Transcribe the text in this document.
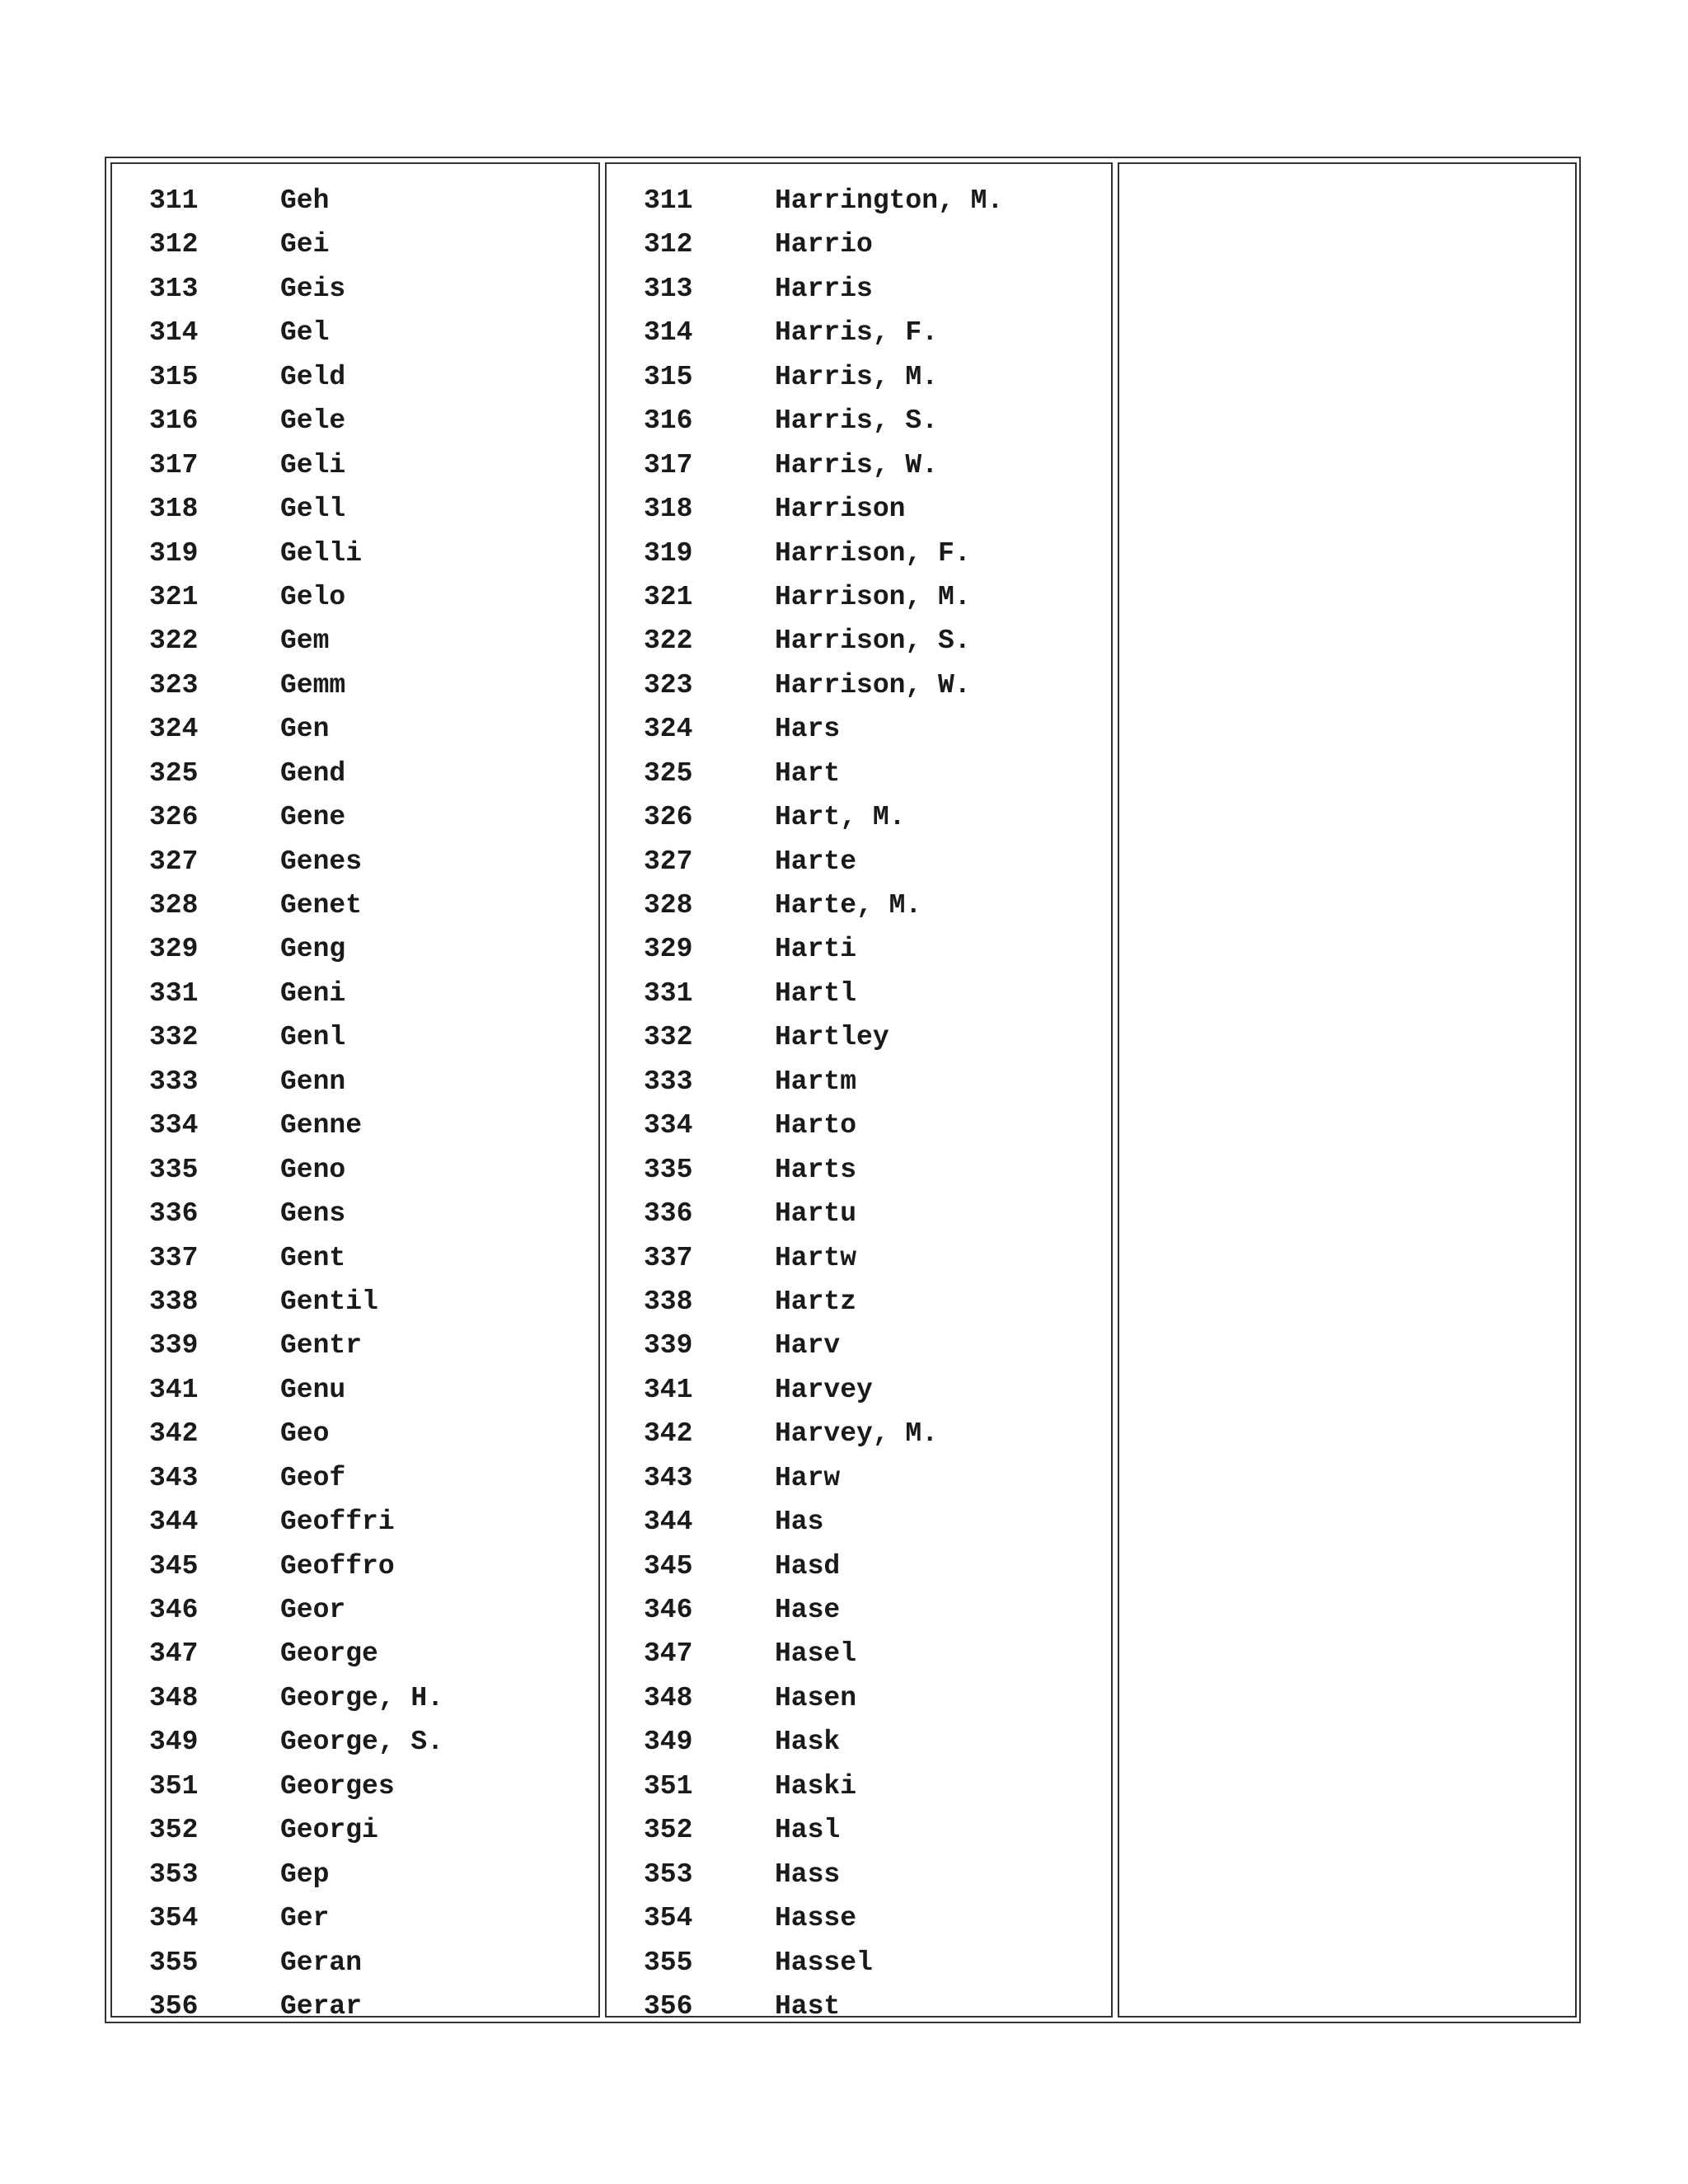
311	Geh
312	Gei
313	Geis
314	Gel
315	Geld
316	Gele
317	Geli
318	Gell
319	Gelli
321	Gelo
322	Gem
323	Gemm
324	Gen
325	Gend
326	Gene
327	Genes
328	Genet
329	Geng
331	Geni
332	Genl
333	Genn
334	Genne
335	Geno
336	Gens
337	Gent
338	Gentil
339	Gentr
341	Genu
342	Geo
343	Geof
344	Geoffri
345	Geoffro
346	Geor
347	George
348	George, H.
349	George, S.
351	Georges
352	Georgi
353	Gep
354	Ger
355	Geran
356	Gerar
311	Harrington, M.
312	Harrio
313	Harris
314	Harris, F.
315	Harris, M.
316	Harris, S.
317	Harris, W.
318	Harrison
319	Harrison, F.
321	Harrison, M.
322	Harrison, S.
323	Harrison, W.
324	Hars
325	Hart
326	Hart, M.
327	Harte
328	Harte, M.
329	Harti
331	Hartl
332	Hartley
333	Hartm
334	Harto
335	Harts
336	Hartu
337	Hartw
338	Hartz
339	Harv
341	Harvey
342	Harvey, M.
343	Harw
344	Has
345	Hasd
346	Hase
347	Hasel
348	Hasen
349	Hask
351	Haski
352	Hasl
353	Hass
354	Hasse
355	Hassel
356	Hast
